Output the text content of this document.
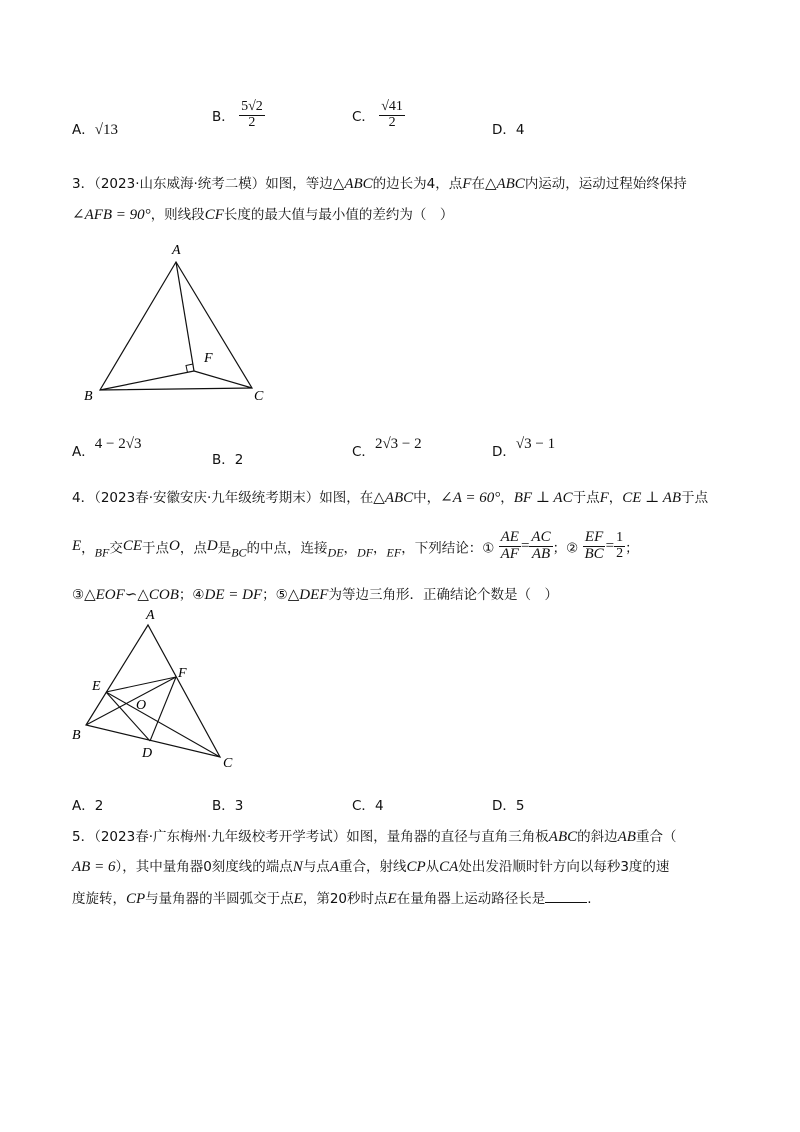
A．√13
B． $\frac{5√2}{2}$	C． $\frac{√41}{2}$	D．4
3．（2023·山东威海·统考二模）如图，等边△ABC的边长为4，点F在△ABC内运动，运动过程始终保持
∠AFB = 90°，则线段CF长度的最大值与最小值的差约为（　）
A
B	C
F
A．4 − 2√3
B．2	C．2√3 − 2	D．√3 − 1
4．（2023春·安徽安庆·九年级统考期末）如图，在△ABC中，∠A = 60°，BF ⊥ AC于点F，CE ⊥ AB于点
E，BF交CE于点O，点D是BC的中点，连接DE，DF，EF，下列结论：① $\frac{AE}{AF} = \frac{AC}{AB}$ ；② $\frac{EF}{BC} = \frac{1}{2}$ ；
③△EOF∽△COB；④DE = DF；⑤△DEF为等边三角形．正确结论个数是（　）
A
B
C
D
E
F
O
A．2	B．3	C．4	D．5
5．（2023春·广东梅州·九年级校考开学考试）如图，量角器的直径与直角三角板ABC的斜边AB重合（
AB = 6），其中量角器0刻度线的端点N与点A重合，射线CP从CA处出发沿顺时针方向以每秒3度的速
度旋转，CP与量角器的半圆弧交于点E，第20秒时点E在量角器上运动路径长是	.
